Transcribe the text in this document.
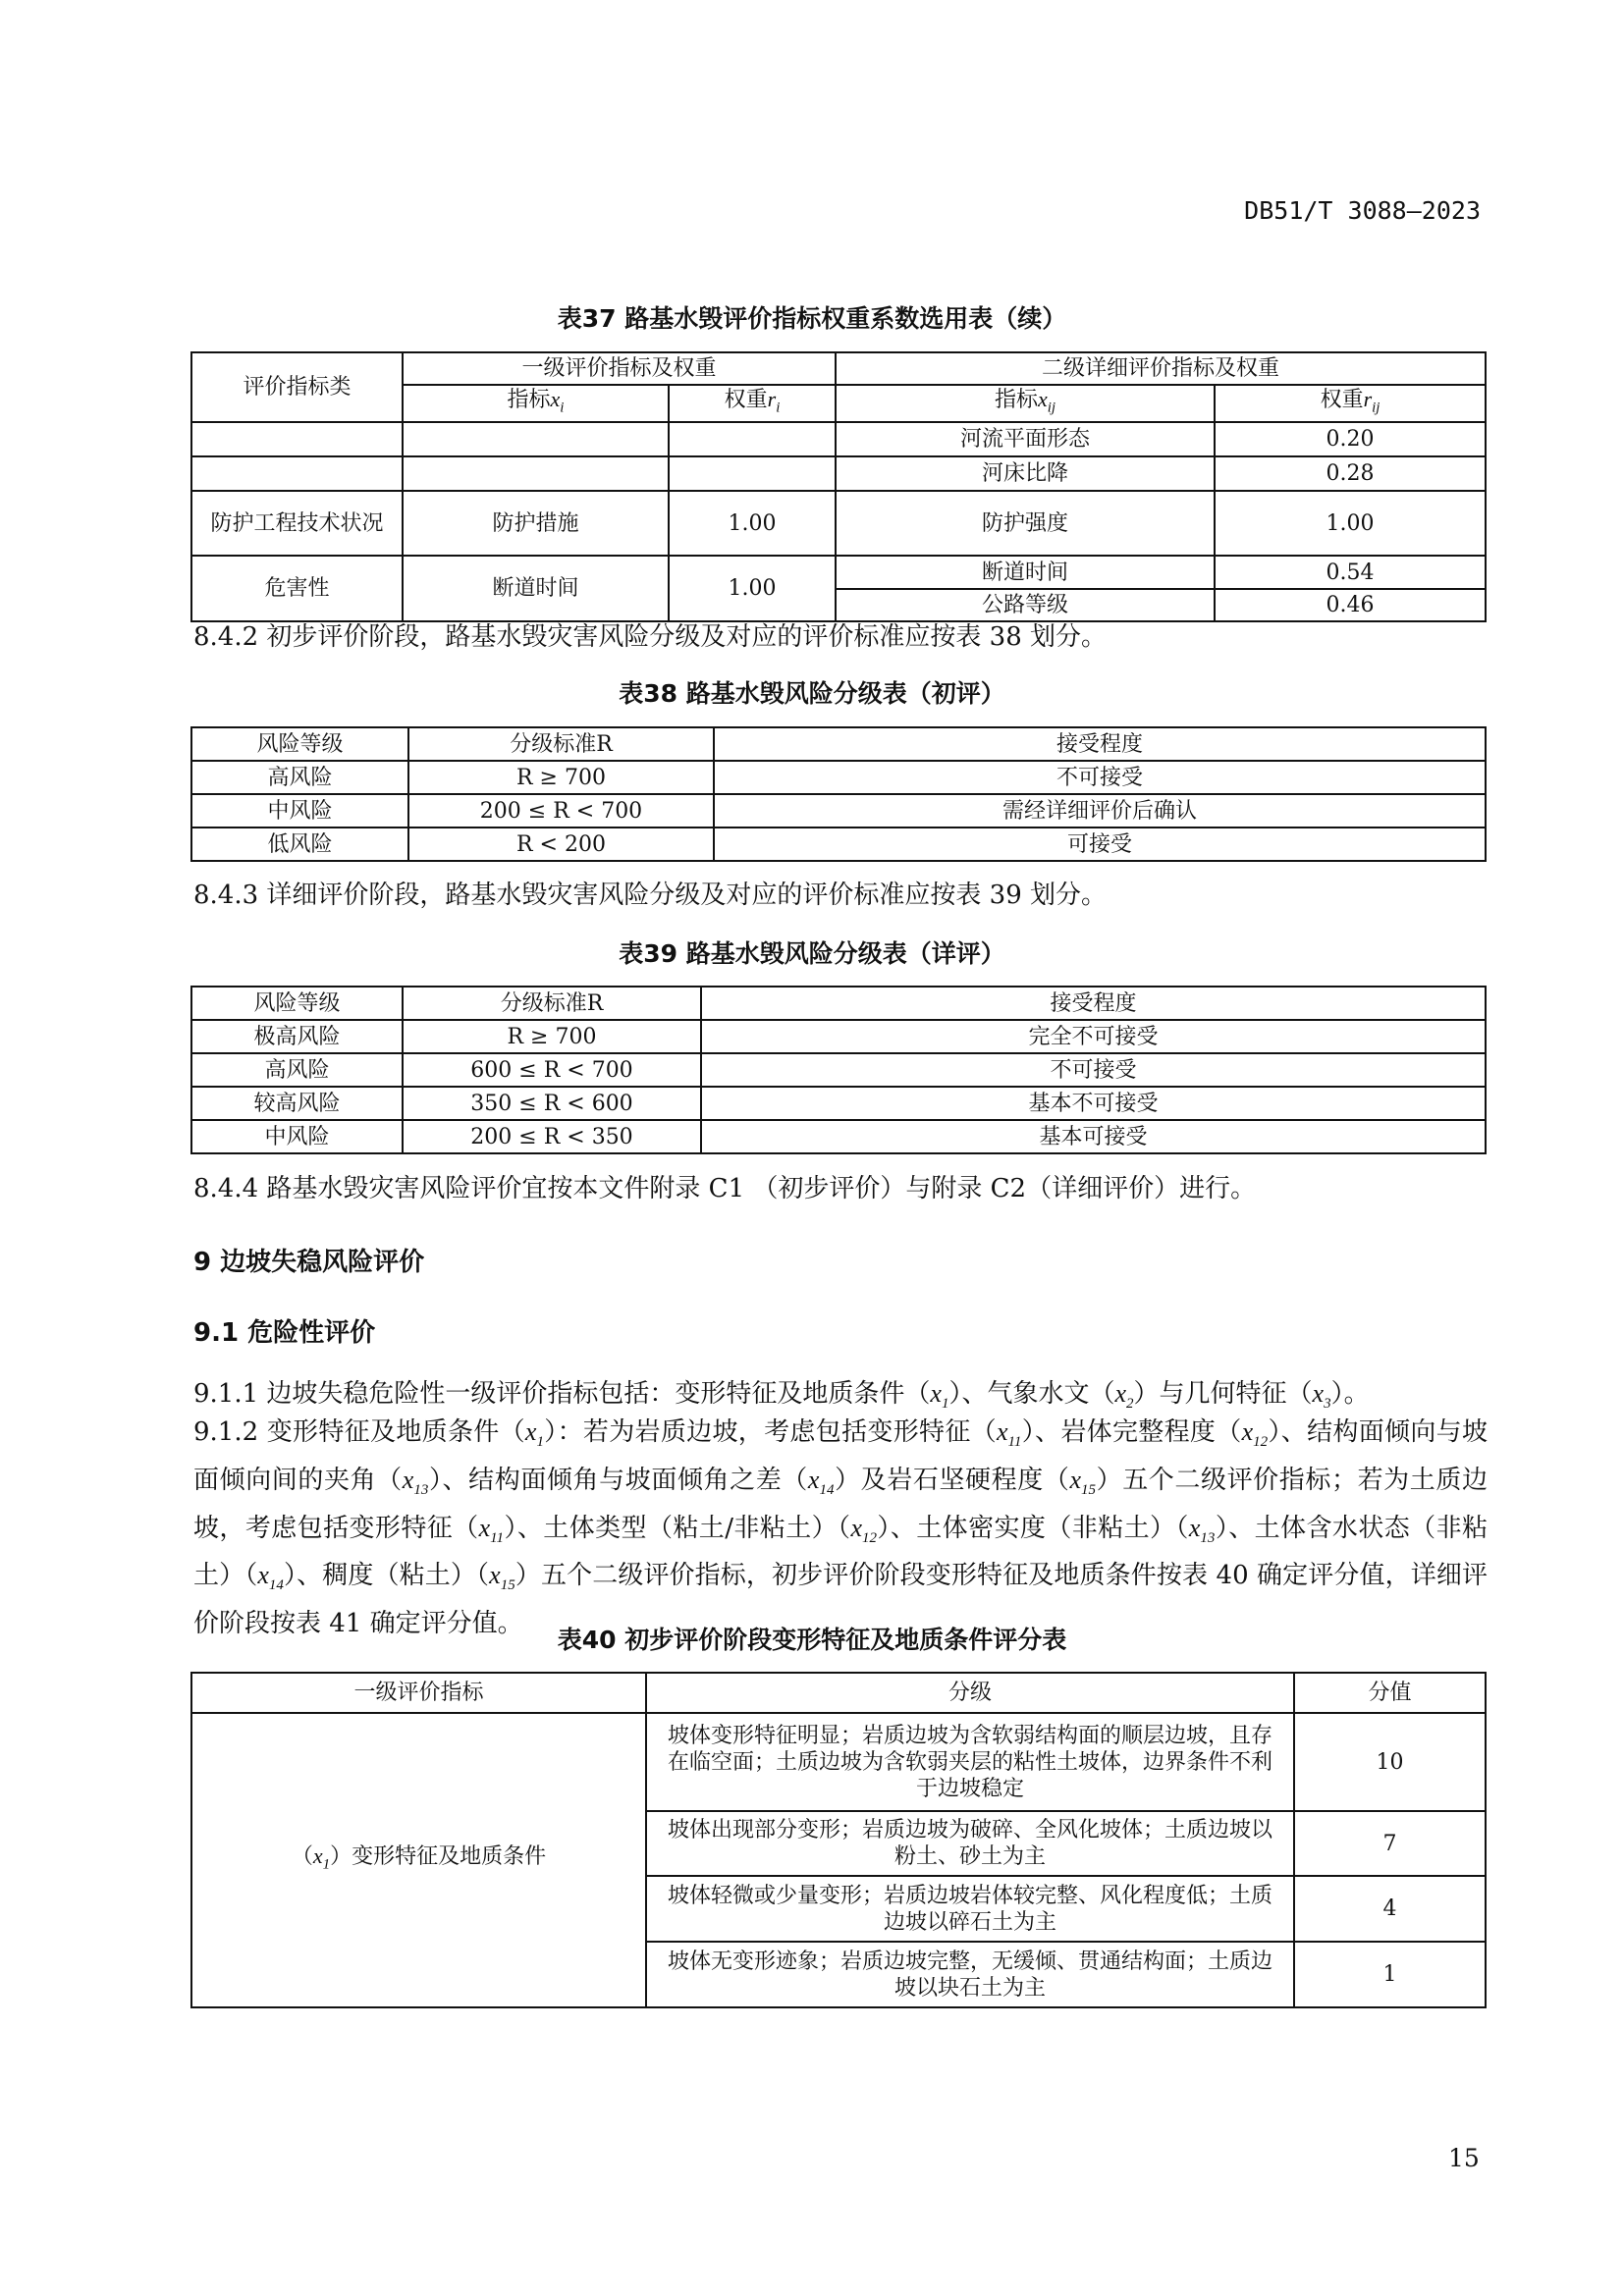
DB51/T 3088—2023
表37 路基水毁评价指标权重系数选用表（续）
评价指标类	一级评价指标及权重		二级详细评价指标及权重	
	指标$x_i$	权重$r_i$	指标$x_{ij}$	权重$r_{ij}$
			河流平面形态	0.20
			河床比降	0.28
防护工程技术状况	防护措施	1.00	防护强度	1.00
危害性	断道时间	1.00	断道时间	0.54
			公路等级	0.46
8.4.2 初步评价阶段，路基水毁灾害风险分级及对应的评价标准应按表 38 划分。
表38 路基水毁风险分级表（初评）
风险等级	分级标准R	接受程度
高风险	R ≥ 700	不可接受
中风险	200 ≤ R < 700	需经详细评价后确认
低风险	R < 200	可接受
8.4.3 详细评价阶段，路基水毁灾害风险分级及对应的评价标准应按表 39 划分。
表39 路基水毁风险分级表（详评）
风险等级	分级标准R	接受程度
极高风险	R ≥ 700	完全不可接受
高风险	600 ≤ R < 700	不可接受
较高风险	350 ≤ R < 600	基本不可接受
中风险	200 ≤ R < 350	基本可接受
8.4.4 路基水毁灾害风险评价宜按本文件附录 C1 （初步评价）与附录 C2（详细评价）进行。
9 边坡失稳风险评价
9.1 危险性评价
9.1.1 边坡失稳危险性一级评价指标包括：变形特征及地质条件$(x_1)$、气象水文$(x_2)$与几何特征$(x_3)$。
9.1.2 变形特征及地质条件$(x_1)$：若为岩质边坡，考虑包括变形特征$(x_{11})$、岩体完整程度$(x_{12})$、结构面倾向与坡面倾向间的夹角$(x_{13})$、结构面倾角与坡面倾角之差$(x_{14})$及岩石坚硬程度$(x_{15})$五个二级评价指标；若为土质边坡，考虑包括变形特征$(x_{11})$、土体类型（粘土/非粘土）$(x_{12})$、土体密实度（非粘土）$(x_{13})$、土体含水状态（非粘土）$(x_{14})$、稠度（粘土）$(x_{15})$五个二级评价指标，初步评价阶段变形特征及地质条件按表 40 确定评分值，详细评价阶段按表 41 确定评分值。
表40 初步评价阶段变形特征及地质条件评分表
一级评价指标	分级	分值
$(x_1)$变形特征及地质条件	坡体变形特征明显；岩质边坡为含软弱结构面的顺层边坡，且存在临空面；土质边坡为含软弱夹层的粘性土坡体，边界条件不利于边坡稳定	10
	坡体出现部分变形；岩质边坡为破碎、全风化坡体；土质边坡以粉土、砂土为主	7
	坡体轻微或少量变形；岩质边坡岩体较完整、风化程度低；土质边坡以碎石土为主	4
	坡体无变形迹象；岩质边坡完整，无缓倾、贯通结构面；土质边坡以块石土为主	1
15
